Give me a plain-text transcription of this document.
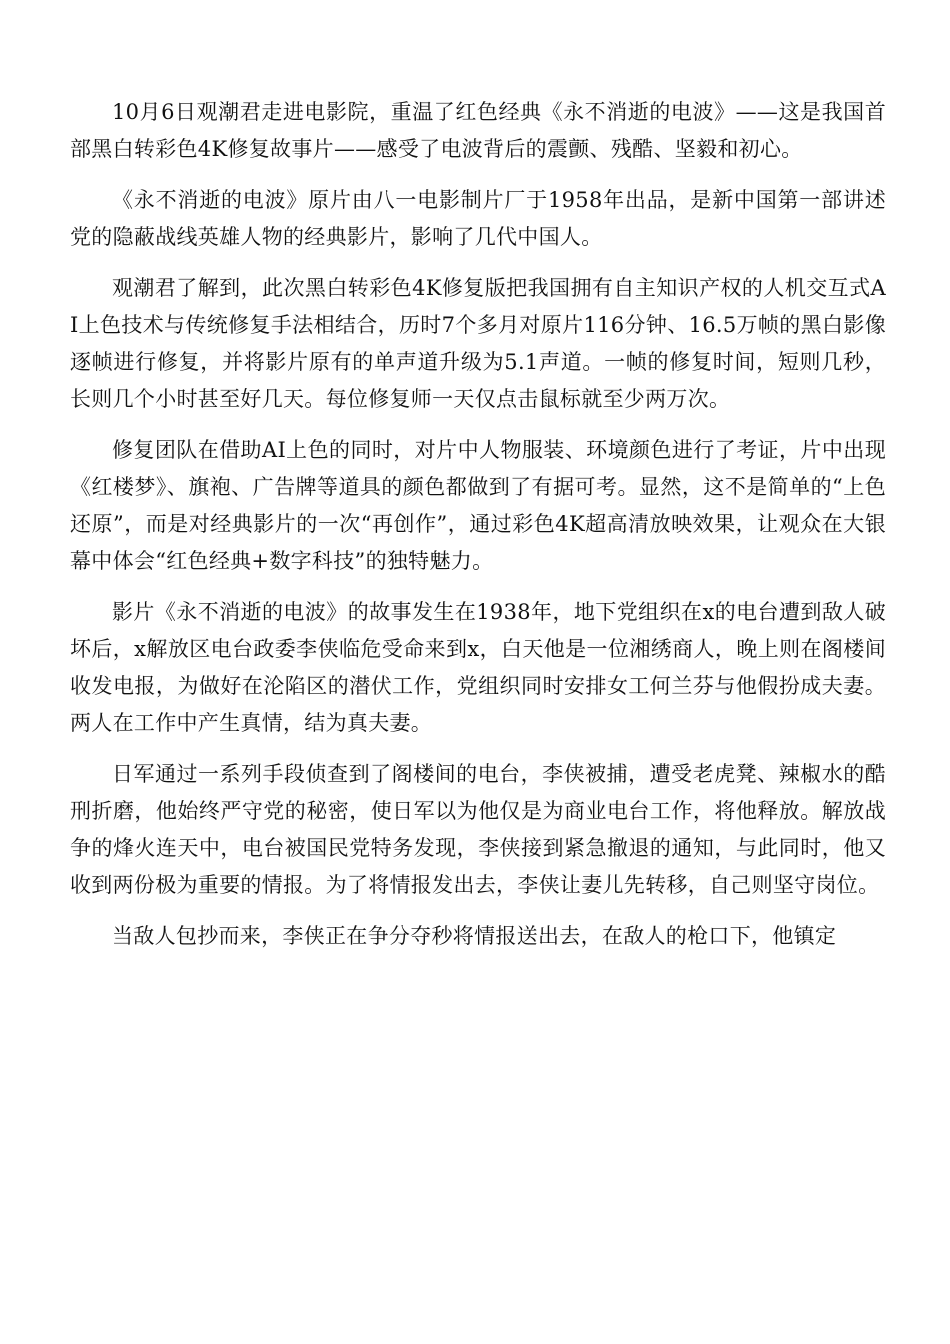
10月6日观潮君走进电影院，重温了红色经典《永不消逝的电波》——这是我国首部黑白转彩色4K修复故事片——感受了电波背后的震颤、残酷、坚毅和初心。

《永不消逝的电波》原片由八一电影制片厂于1958年出品，是新中国第一部讲述党的隐蔽战线英雄人物的经典影片，影响了几代中国人。

观潮君了解到，此次黑白转彩色4K修复版把我国拥有自主知识产权的人机交互式AI上色技术与传统修复手法相结合，历时7个多月对原片116分钟、16.5万帧的黑白影像逐帧进行修复，并将影片原有的单声道升级为5.1声道。一帧的修复时间，短则几秒，长则几个小时甚至好几天。每位修复师一天仅点击鼠标就至少两万次。

修复团队在借助AI上色的同时，对片中人物服装、环境颜色进行了考证，片中出现《红楼梦》、旗袍、广告牌等道具的颜色都做到了有据可考。显然，这不是简单的“上色还原”，而是对经典影片的一次“再创作”，通过彩色4K超高清放映效果，让观众在大银幕中体会“红色经典+数字科技”的独特魅力。

影片《永不消逝的电波》的故事发生在1938年，地下党组织在x的电台遭到敌人破坏后，x解放区电台政委李侠临危受命来到x，白天他是一位湘绣商人，晚上则在阁楼间收发电报，为做好在沦陷区的潜伏工作，党组织同时安排女工何兰芬与他假扮成夫妻。两人在工作中产生真情，结为真夫妻。

日军通过一系列手段侦查到了阁楼间的电台，李侠被捕，遭受老虎凳、辣椒水的酷刑折磨，他始终严守党的秘密，使日军以为他仅是为商业电台工作，将他释放。解放战争的烽火连天中，电台被国民党特务发现，李侠接到紧急撤退的通知，与此同时，他又收到两份极为重要的情报。为了将情报发出去，李侠让妻儿先转移，自己则坚守岗位。

当敌人包抄而来，李侠正在争分夺秒将情报送出去，在敌人的枪口下，他镇定
